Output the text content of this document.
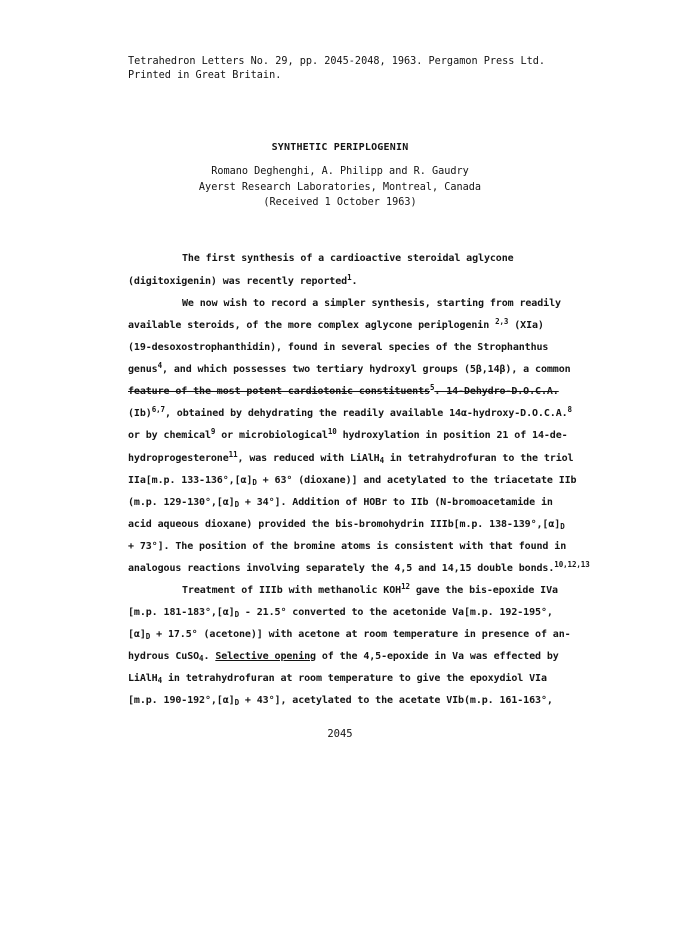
Tetrahedron Letters No. 29, pp. 2045-2048, 1963. Pergamon Press Ltd.
Printed in Great Britain.
SYNTHETIC PERIPLOGENIN
Romano Deghenghi, A. Philipp and R. Gaudry
Ayerst Research Laboratories, Montreal, Canada
(Received 1 October 1963)
The first synthesis of a cardioactive steroidal aglycone
(digitoxigenin) was recently reported$^1$.
We now wish to record a simpler synthesis, starting from readily
available steroids, of the more complex aglycone periplogenin $^{2,3}$ (XIa)
(19-desoxostrophanthidin), found in several species of the Strophanthus
genus$^4$, and which possesses two tertiary hydroxyl groups (5β,14β), a common
feature of the most potent cardiotonic constituents$^5$. 14-Dehydro-D.O.C.A.
$(Ib)^{6,7}$, obtained by dehydrating the readily available 14α-hydroxy-D.O.C.A.$^8$
or by chemical$^9$ or microbiological$^{10}$ hydroxylation in position 21 of 14-de-
hydroprogesterone$^{11}$, was reduced with LiAlH$_4$ in tetrahydrofuran to the triol
IIa[m.p. $133-136^\circ,[\alpha]_D + 63^\circ$ (dioxane)] and acetylated to the triacetate IIb
(m.p. $129-130^\circ,[\alpha]_D + 34^\circ$]. Addition of HOBr to IIb (N-bromoacetamide in
acid aqueous dioxane) provided the bis-bromohydrin IIIb[m.p. $138-139^\circ,[\alpha]_D$
+ 73°]. The position of the bromine atoms is consistent with that found in
analogous reactions involving separately the 4,5 and 14,15 double bonds.$^{10,12,13}$
Treatment of IIIb with methanolic KOH$^{12}$ gave the bis-epoxide IVa
[m.p. $181-183^\circ,[\alpha]_D - 21.5^\circ$ converted to the acetonide Va[m.p. 192-195°,
$[\alpha]_D + 17.5^\circ$ (acetone)] with acetone at room temperature in presence of an-
hydrous CuSO$_4$. Selective opening of the 4,5-epoxide in Va was effected by
LiAlH$_4$ in tetrahydrofuran at room temperature to give the epoxydiol VIa
[m.p. $190-192^\circ,[\alpha]_D + 43^\circ$], acetylated to the acetate VIb(m.p. 161-163°,
2045
